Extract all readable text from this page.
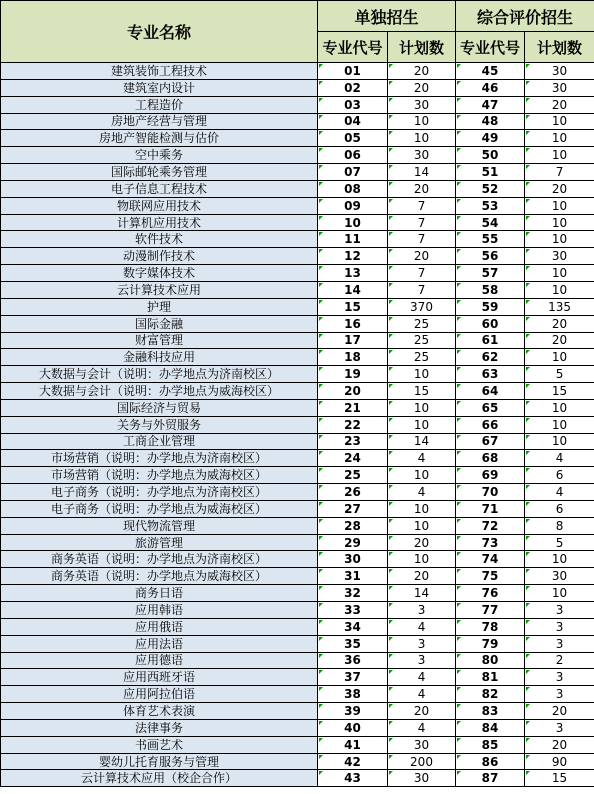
专业名称	单独招生		综合评价招生	
	专业代号	计划数	专业代号	计划数
建筑装饰工程技术	01	20	45	30
建筑室内设计	02	20	46	30
工程造价	03	30	47	20
房地产经营与管理	04	10	48	10
房地产智能检测与估价	05	10	49	10
空中乘务	06	30	50	10
国际邮轮乘务管理	07	14	51	7
电子信息工程技术	08	20	52	20
物联网应用技术	09	7	53	10
计算机应用技术	10	7	54	10
软件技术	11	7	55	10
动漫制作技术	12	20	56	30
数字媒体技术	13	7	57	10
云计算技术应用	14	7	58	10
护理	15	370	59	135
国际金融	16	25	60	20
财富管理	17	25	61	20
金融科技应用	18	25	62	10
大数据与会计（说明：办学地点为济南校区）	19	10	63	5
大数据与会计（说明：办学地点为威海校区）	20	15	64	15
国际经济与贸易	21	10	65	10
关务与外贸服务	22	10	66	10
工商企业管理	23	14	67	10
市场营销（说明：办学地点为济南校区）	24	4	68	4
市场营销（说明：办学地点为威海校区）	25	10	69	6
电子商务（说明：办学地点为济南校区）	26	4	70	4
电子商务（说明：办学地点为威海校区）	27	10	71	6
现代物流管理	28	10	72	8
旅游管理	29	20	73	5
商务英语（说明：办学地点为济南校区）	30	10	74	10
商务英语（说明：办学地点为威海校区）	31	20	75	30
商务日语	32	14	76	10
应用韩语	33	3	77	3
应用俄语	34	4	78	3
应用法语	35	3	79	3
应用德语	36	3	80	2
应用西班牙语	37	4	81	3
应用阿拉伯语	38	4	82	3
体育艺术表演	39	20	83	20
法律事务	40	4	84	3
书画艺术	41	30	85	20
婴幼儿托育服务与管理	42	200	86	90
云计算技术应用（校企合作）	43	30	87	15
